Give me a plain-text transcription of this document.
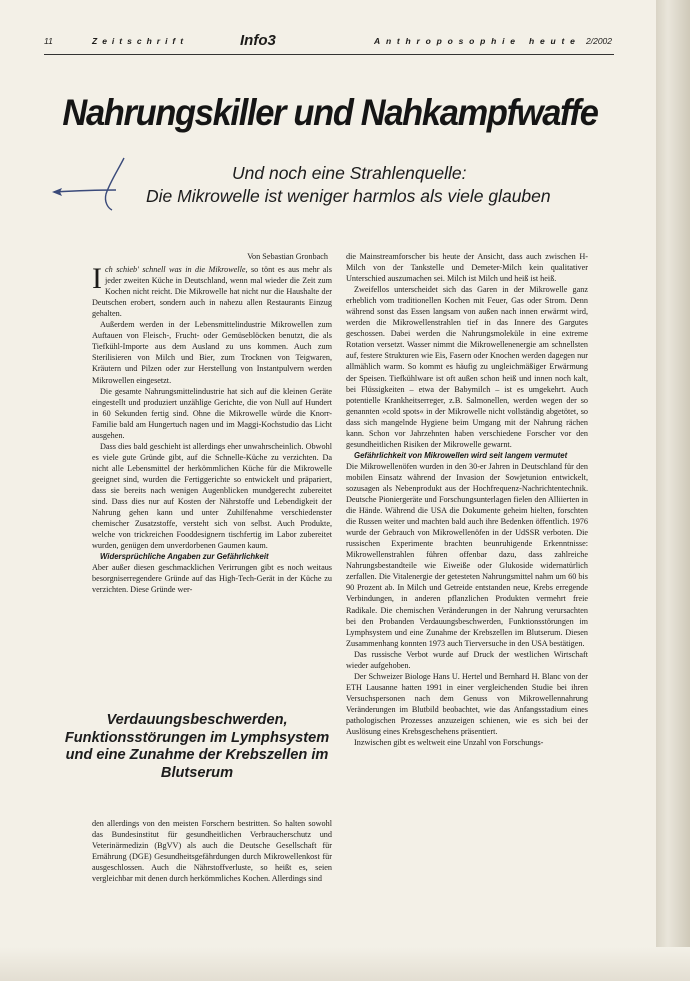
11	Zeitschrift	Info3	Anthroposophie heute 2/2002
Nahrungskiller und Nahkampfwaffe
Und noch eine Strahlenquelle:
Die Mikrowelle ist weniger harmlos als viele glauben
Von Sebastian Gronbach

Ich schieb' schnell was in die Mikrowelle, so tönt es aus mehr als jeder zweiten Küche in Deutschland, wenn mal wieder die Zeit zum Kochen nicht reicht. Die Mikrowelle hat nicht nur die Haushalte der Deutschen erobert, sondern auch in nahezu allen Restaurants Einzug gehalten.

Außerdem werden in der Lebensmittelindustrie Mikrowellen zum Auftauen von Fleisch-, Frucht- oder Gemüseblöcken benutzt, die als Tiefkühl-Importe aus dem Ausland zu uns kommen. Auch zum Sterilisieren von Milch und Bier, zum Trocknen von Teigwaren, Kräutern und Pilzen oder zur Herstellung von Instantpulvern werden Mikrowellen eingesetzt.

Die gesamte Nahrungsmittelindustrie hat sich auf die kleinen Geräte eingestellt und produziert unzählige Gerichte, die von Null auf Hundert in 60 Sekunden fertig sind. Ohne die Mikrowelle würde die Knorr-Familie bald am Hungertuch nagen und im Maggi-Kochstudio das Licht ausgehen.

Dass dies bald geschieht ist allerdings eher unwahrscheinlich. Obwohl es viele gute Gründe gibt, auf die Schnelle-Küche zu verzichten. Da nicht alle Lebensmittel der herkömmlichen Küche für die Mikrowelle geeignet sind, wurden die Fertiggerichte so entwickelt und präpariert, dass sie bereits nach wenigen Augenblicken mundgerecht zubereitet sind. Dass dies nur auf Kosten der Nährstoffe und Lebendigkeit der Nahrung gehen kann und unter Zuhilfenahme verschiedenster chemischer Zusatzstoffe, versteht sich von selbst. Auch Produkte, welche von trickreichen Fooddesignern tischfertig im Labor zubereitet wurden, genügen dem unverdorbenen Gaumen kaum.

Widersprüchliche Angaben zur Gefährlichkeit

Aber außer diesen geschmacklichen Verirrungen gibt es noch weitaus besorgniserregendere Gründe auf das High-Tech-Gerät in der Küche zu verzichten. Diese Gründe wer-

Verdauungsbeschwerden, Funktionsstörungen im Lymphsystem und eine Zunahme der Krebszellen im Blutserum

den allerdings von den meisten Forschern bestritten. So halten sowohl das Bundesinstitut für gesundheitlichen Verbraucherschutz und Veterinärmedizin (BgVV) als auch die Deutsche Gesellschaft für Ernährung (DGE) Gesundheitsgefährdungen durch Mikrowellenkost für ausgeschlossen. Auch die Nährstoffverluste, so heißt es, seien vergleichbar mit denen durch herkömmliches Kochen. Allerdings sind

die Mainstreamforscher bis heute der Ansicht, dass auch zwischen H-Milch von der Tankstelle und Demeter-Milch kein qualitativer Unterschied auszumachen sei. Milch ist Milch und heiß ist heiß.

Zweifellos unterscheidet sich das Garen in der Mikrowelle ganz erheblich vom traditionellen Kochen mit Feuer, Gas oder Strom. Denn während sonst das Essen langsam von außen nach innen erwärmt wird, werden die Mikrowellenstrahlen tief in das Innere des Gargutes geschossen. Dabei werden die Nahrungsmoleküle in eine extreme Rotation versetzt. Wasser nimmt die Mikrowellenenergie am schnellsten auf, festere Strukturen wie Eis, Fasern oder Knochen werden dagegen nur allmählich warm. So kommt es häufig zu ungleichmäßiger Erwärmung der Speisen. Tiefkühlware ist oft außen schon heiß und innen noch kalt, bei Flüssigkeiten – etwa der Babymilch – ist es umgekehrt. Auch potentielle Krankheitserreger, z.B. Salmonellen, werden wegen der so genannten »cold spots« in der Mikrowelle nicht vollständig abgetötet, so dass sich mangelnde Hygiene beim Umgang mit der Nahrung rächen kann. Schon vor Jahrzehnten haben verschiedene Forscher vor den gesundheitlichen Risiken der Mikrowelle gewarnt.

Gefährlichkeit von Mikrowellen wird seit langem vermutet

Die Mikrowellenöfen wurden in den 30-er Jahren in Deutschland für den mobilen Einsatz während der Invasion der Sowjetunion entwickelt, sozusagen als Nebenprodukt aus der Hochfrequenz-Nachrichtentechnik. Deutsche Pioniergeräte und Forschungsunterlagen fielen den Alliierten in die Hände. Während die USA die Dokumente geheim hielten, forschten die Russen weiter und machten bald auch ihre Bedenken öffentlich. 1976 wurde der Gebrauch von Mikrowellenöfen in der UdSSR verboten. Die russischen Experimente brachten beunruhigende Erkenntnisse: Mikrowellenstrahlen führen offenbar dazu, dass zahlreiche Nahrungsbestandteile wie Eiweiße oder Glukoside widernatürlich zerfallen. Die Vitalenergie der getesteten Nahrungsmittel nahm um 60 bis 90 Prozent ab. In Milch und Getreide entstanden neue, Krebs erregende Verbindungen, in anderen pflanzlichen Produkten vermehrt freie Radikale. Die chemischen Veränderungen in der Nahrung verursachten bei den Probanden Verdauungsbeschwerden, Funktionsstörungen im Lymphsystem und eine Zunahme der Krebszellen im Blutserum. Diesen Zusammenhang konnten 1973 auch Tierversuche in den USA bestätigen.

Das russische Verbot wurde auf Druck der westlichen Wirtschaft wieder aufgehoben.

Der Schweizer Biologe Hans U. Hertel und Bernhard H. Blanc von der ETH Lausanne hatten 1991 in einer vergleichenden Studie bei ihren Versuchspersonen nach dem Genuss von Mikrowellennahrung Veränderungen im Blutbild beobachtet, wie das Anfangsstadium eines pathologischen Prozesses anzuzeigen schienen, wie es sich bei der Auslösung eines Krebsgeschehens präsentiert.

Inzwischen gibt es weltweit eine Unzahl von Forschungs-
